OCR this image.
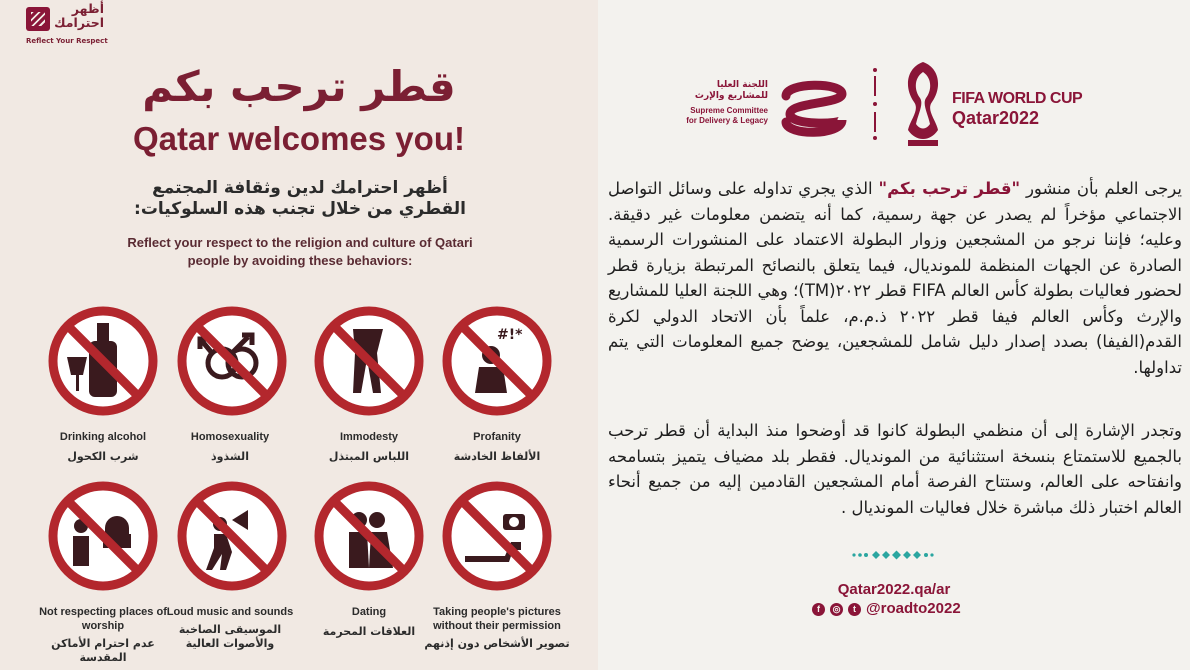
أظهر احترامك
Reflect Your Respect
قطر ترحب بكم
Qatar welcomes you!
أظهر احترامك لدين وثقافة المجتمع القطري من خلال تجنب هذه السلوكيات:
Reflect your respect to the religion and culture of Qatari people by avoiding these behaviors:
Drinking alcohol
شرب الكحول
Homosexuality
الشذوذ
Immodesty
اللباس المبتذل
#!*
Profanity
الألفاظ الخادشة
Not respecting places of worship
عدم احترام الأماكن المقدسة
Loud music and sounds
الموسيقى الصاخبة والأصوات العالية
Dating
العلاقات المحرمة
Taking people's pictures without their permission
تصوير الأشخاص دون إذنهم
اللجنة العليا للمشاريع والإرث
Supreme Committee for Delivery & Legacy
FIFA WORLD CUP
Qatar2022

يرجى العلم بأن منشور "قطر ترحب بكم" الذي يجري تداوله على وسائل التواصل الاجتماعي مؤخراً لم يصدر عن جهة رسمية، كما أنه يتضمن معلومات غير دقيقة. وعليه؛ فإننا نرجو من المشجعين وزوار البطولة الاعتماد على المنشورات الرسمية الصادرة عن الجهات المنظمة للمونديال، فيما يتعلق بالنصائح المرتبطة بزيارة قطر لحضور فعاليات بطولة كأس العالم FIFA قطر ٢٠٢٢(TM)؛ وهي اللجنة العليا للمشاريع والإرث وكأس العالم فيفا قطر ٢٠٢٢ ذ.م.م، علماً بأن الاتحاد الدولي لكرة القدم(الفيفا) بصدد إصدار دليل شامل للمشجعين، يوضح جميع المعلومات التي يتم تداولها.

وتجدر الإشارة إلى أن منظمي البطولة كانوا قد أوضحوا منذ البداية أن قطر ترحب بالجميع للاستمتاع بنسخة استثنائية من المونديال. فقطر بلد مضياف يتميز بتسامحه وانفتاحه على العالم، وستتاح الفرصة أمام المشجعين القادمين إليه من جميع أنحاء العالم اختبار ذلك مباشرة خلال فعاليات المونديال .

Qatar2022.qa/ar
f	◎	t @roadto2022
